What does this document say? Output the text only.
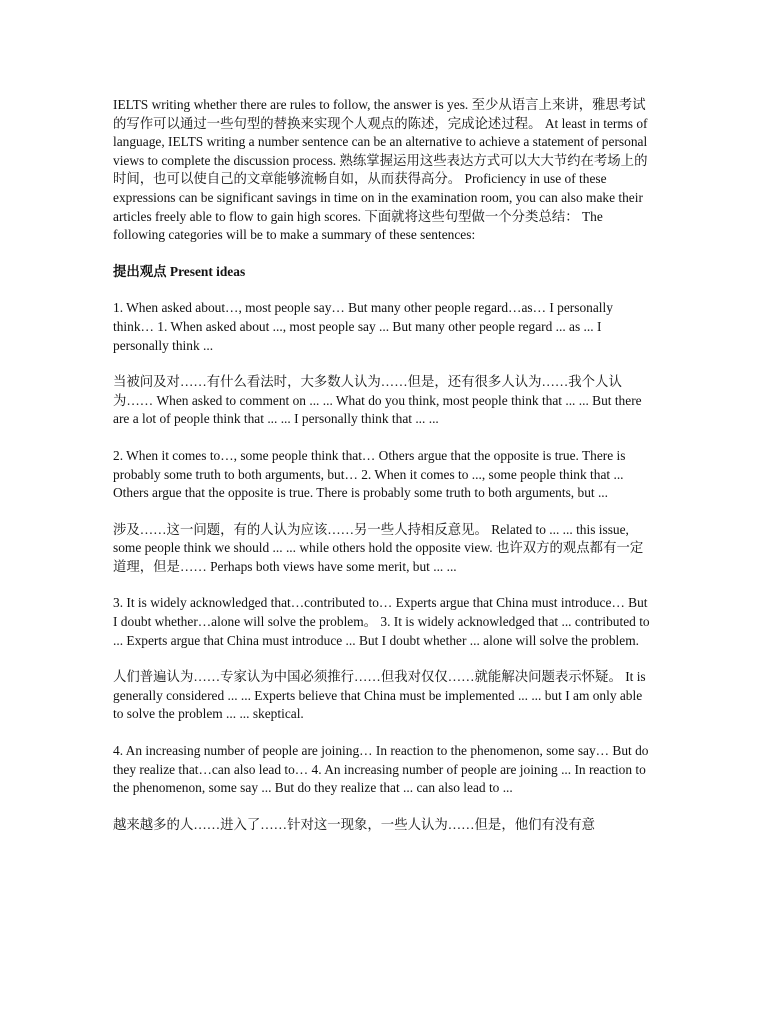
IELTS writing whether there are rules to follow, the answer is yes. 至少从语言上来讲，雅思考试的写作可以通过一些句型的替换来实现个人观点的陈述，完成论述过程。 At least in terms of language, IELTS writing a number sentence can be an alternative to achieve a statement of personal views to complete the discussion process. 熟练掌握运用这些表达方式可以大大节约在考场上的时间，也可以使自己的文章能够流畅自如，从而获得高分。 Proficiency in use of these expressions can be significant savings in time on in the examination room, you can also make their articles freely able to flow to gain high scores. 下面就将这些句型做一个分类总结： The following categories will be to make a summary of these sentences:

提出观点 Present ideas

1. When asked about…, most people say… But many other people regard…as… I personally think… 1. When asked about ..., most people say ... But many other people regard ... as ... I personally think ...

当被问及对……有什么看法时，大多数人认为……但是，还有很多人认为……我个人认为…… When asked to comment on ... ... What do you think, most people think that ... ... But there are a lot of people think that ... ... I personally think that ... ...

2. When it comes to…, some people think that… Others argue that the opposite is true. There is probably some truth to both arguments, but… 2. When it comes to ..., some people think that ... Others argue that the opposite is true. There is probably some truth to both arguments, but ...

涉及……这一问题，有的人认为应该……另一些人持相反意见。 Related to ... ... this issue, some people think we should ... ... while others hold the opposite view. 也许双方的观点都有一定道理，但是…… Perhaps both views have some merit, but ... ...

3. It is widely acknowledged that…contributed to… Experts argue that China must introduce… But I doubt whether…alone will solve the problem。 3. It is widely acknowledged that ... contributed to ... Experts argue that China must introduce ... But I doubt whether ... alone will solve the problem.

人们普遍认为……专家认为中国必须推行……但我对仅仅……就能解决问题表示怀疑。 It is generally considered ... ... Experts believe that China must be implemented ... ... but I am only able to solve the problem ... ... skeptical.

4. An increasing number of people are joining… In reaction to the phenomenon, some say… But do they realize that…can also lead to… 4. An increasing number of people are joining ... In reaction to the phenomenon, some say ... But do they realize that ... can also lead to ...

越来越多的人……进入了……针对这一现象，一些人认为……但是，他们有没有意
